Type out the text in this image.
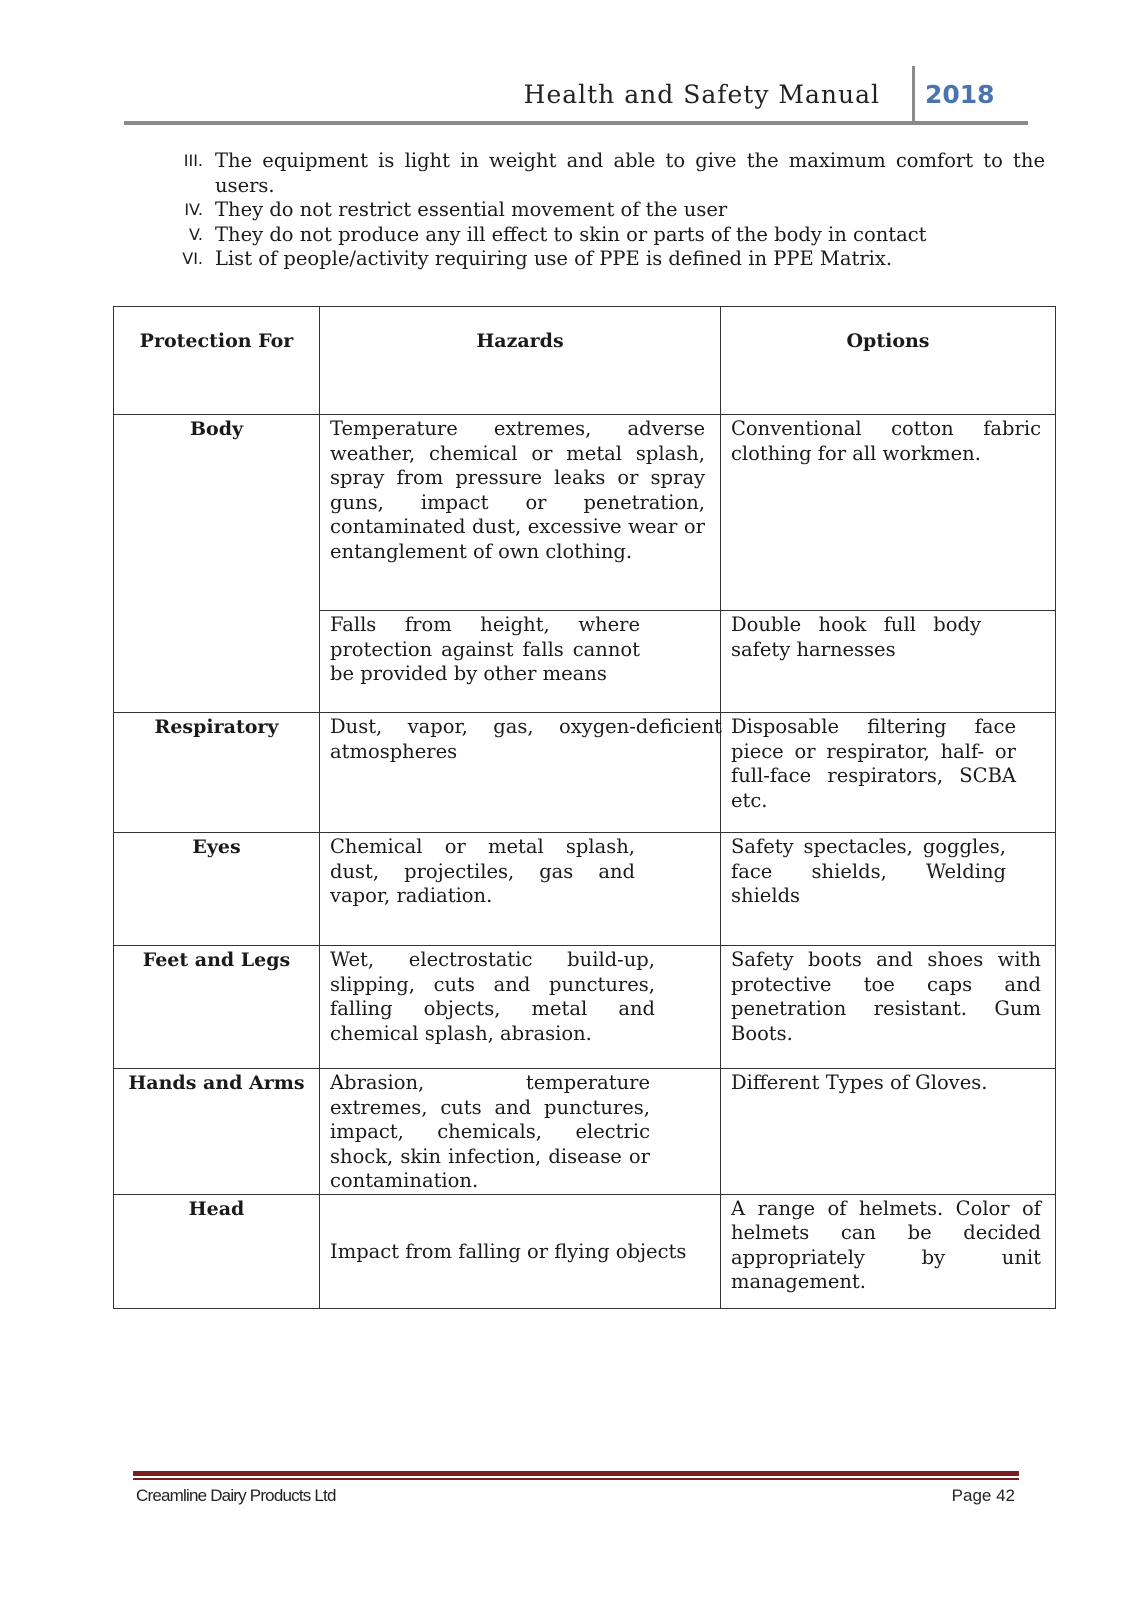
Health and Safety Manual 2018
III. The equipment is light in weight and able to give the maximum comfort to the users.
IV. They do not restrict essential movement of the user
V. They do not produce any ill effect to skin or parts of the body in contact
VI. List of people/activity requiring use of PPE is defined in PPE Matrix.
Protection For	Hazards	Options
Body	Temperature extremes, adverse weather, chemical or metal splash, spray from pressure leaks or spray guns, impact or penetration, contaminated dust, excessive wear or entanglement of own clothing.	Conventional cotton fabric clothing for all workmen.

	Falls from height, where protection against falls cannot be provided by other means	Double hook full body safety harnesses

Respiratory	Dust, vapor, gas, oxygen-deficient atmospheres	Disposable filtering face piece or respirator, half- or full-face respirators, SCBA etc.

Eyes	Chemical or metal splash, dust, projectiles, gas and vapor, radiation.	Safety spectacles, goggles, face shields, Welding shields

Feet and Legs	Wet, electrostatic build-up, slipping, cuts and punctures, falling objects, metal and chemical splash, abrasion.	Safety boots and shoes with protective toe caps and penetration resistant. Gum Boots.

Hands and Arms	Abrasion, temperature extremes, cuts and punctures, impact, chemicals, electric shock, skin infection, disease or contamination.	Different Types of Gloves.

Head	Impact from falling or flying objects	A range of helmets. Color of helmets can be decided appropriately by unit management.
Creamline Dairy Products Ltd	Page 42
